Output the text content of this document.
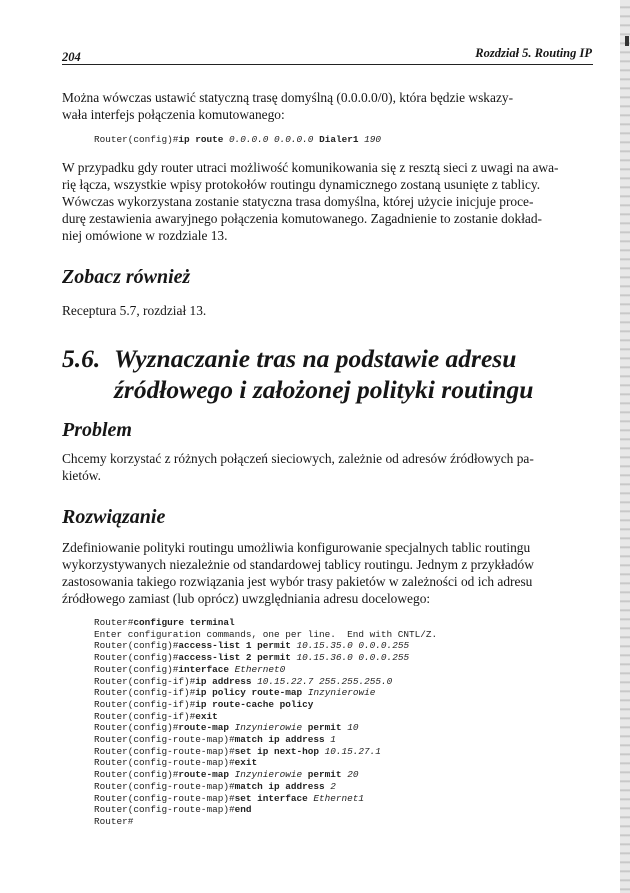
204	Rozdział 5. Routing IP
Można wówczas ustawić statyczną trasę domyślną (0.0.0.0/0), która będzie wskazy-
wała interfejs połączenia komutowanego:
Router(config)#ip route 0.0.0.0 0.0.0.0 Dialer1 190
W przypadku gdy router utraci możliwość komunikowania się z resztą sieci z uwagi na awa-
rię łącza, wszystkie wpisy protokołów routingu dynamicznego zostaną usunięte z tablicy.
Wówczas wykorzystana zostanie statyczna trasa domyślna, której użycie inicjuje proce-
durę zestawienia awaryjnego połączenia komutowanego. Zagadnienie to zostanie dokład-
niej omówione w rozdziale 13.
Zobacz również
Receptura 5.7, rozdział 13.
5.6. Wyznaczanie tras na podstawie adresu
źródłowego i założonej polityki routingu
Problem
Chcemy korzystać z różnych połączeń sieciowych, zależnie od adresów źródłowych pa-
kietów.
Rozwiązanie
Zdefiniowanie polityki routingu umożliwia konfigurowanie specjalnych tablic routingu
wykorzystywanych niezależnie od standardowej tablicy routingu. Jednym z przykładów
zastosowania takiego rozwiązania jest wybór trasy pakietów w zależności od ich adresu
źródłowego zamiast (lub oprócz) uwzględniania adresu docelowego:
Router#configure terminal
Enter configuration commands, one per line.  End with CNTL/Z.
Router(config)#access-list 1 permit 10.15.35.0 0.0.0.255
Router(config)#access-list 2 permit 10.15.36.0 0.0.0.255
Router(config)#interface Ethernet0
Router(config-if)#ip address 10.15.22.7 255.255.255.0
Router(config-if)#ip policy route-map Inzynierowie
Router(config-if)#ip route-cache policy
Router(config-if)#exit
Router(config)#route-map Inzynierowie permit 10
Router(config-route-map)#match ip address 1
Router(config-route-map)#set ip next-hop 10.15.27.1
Router(config-route-map)#exit
Router(config)#route-map Inzynierowie permit 20
Router(config-route-map)#match ip address 2
Router(config-route-map)#set interface Ethernet1
Router(config-route-map)#end
Router#
